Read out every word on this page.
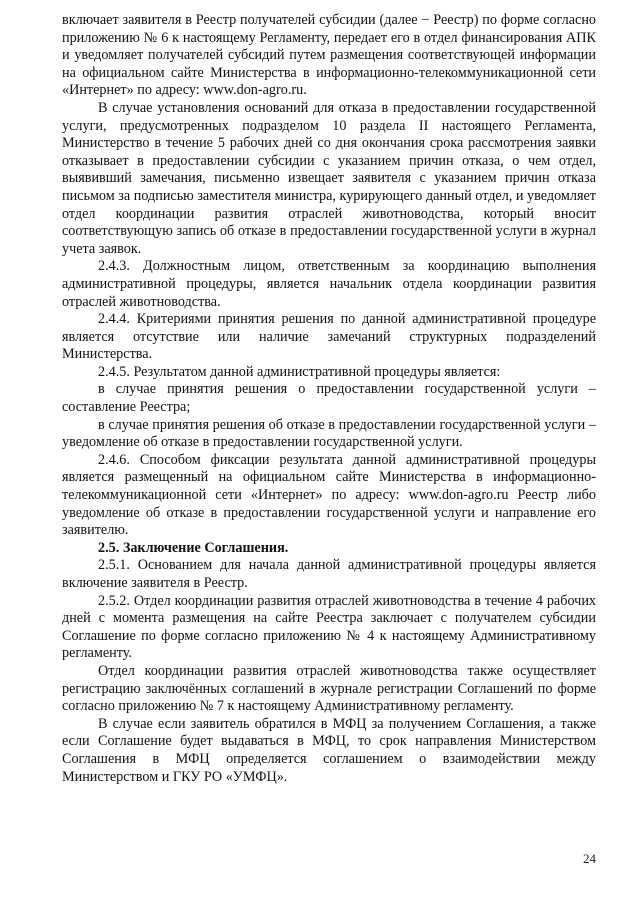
включает заявителя в Реестр получателей субсидии (далее − Реестр) по форме согласно приложению № 6 к настоящему Регламенту, передает его в отдел финансирования АПК и уведомляет получателей субсидий путем размещения соответствующей информации на официальном сайте Министерства в информационно-телекоммуникационной сети «Интернет» по адресу: www.don-agro.ru.

В случае установления оснований для отказа в предоставлении государственной услуги, предусмотренных подразделом 10 раздела II настоящего Регламента, Министерство в течение 5 рабочих дней со дня окончания срока рассмотрения заявки отказывает в предоставлении субсидии с указанием причин отказа, о чем отдел, выявивший замечания, письменно извещает заявителя с указанием причин отказа письмом за подписью заместителя министра, курирующего данный отдел, и уведомляет отдел координации развития отраслей животноводства, который вносит соответствующую запись об отказе в предоставлении государственной услуги в журнал учета заявок.

2.4.3. Должностным лицом, ответственным за координацию выполнения административной процедуры, является начальник отдела координации развития отраслей животноводства.

2.4.4. Критериями принятия решения по данной административной процедуре является отсутствие или наличие замечаний структурных подразделений Министерства.

2.4.5. Результатом данной административной процедуры является:

в случае принятия решения о предоставлении государственной услуги – составление Реестра;

в случае принятия решения об отказе в предоставлении государственной услуги – уведомление об отказе в предоставлении государственной услуги.

2.4.6. Способом фиксации результата данной административной процедуры является размещенный на официальном сайте Министерства в информационно-телекоммуникационной сети «Интернет» по адресу: www.don-agro.ru Реестр либо уведомление об отказе в предоставлении государственной услуги и направление его заявителю.

2.5. Заключение Соглашения.

2.5.1. Основанием для начала данной административной процедуры является включение заявителя в Реестр.

2.5.2. Отдел координации развития отраслей животноводства в течение 4 рабочих дней с момента размещения на сайте Реестра заключает с получателем субсидии Соглашение по форме согласно приложению № 4 к настоящему Административному регламенту.

Отдел координации развития отраслей животноводства также осуществляет регистрацию заключённых соглашений в журнале регистрации Соглашений по форме согласно приложению № 7 к настоящему Административному регламенту.

В случае если заявитель обратился в МФЦ за получением Соглашения, а также если Соглашение будет выдаваться в МФЦ, то срок направления Министерством Соглашения в МФЦ определяется соглашением о взаимодействии между Министерством и ГКУ РО «УМФЦ».

24
